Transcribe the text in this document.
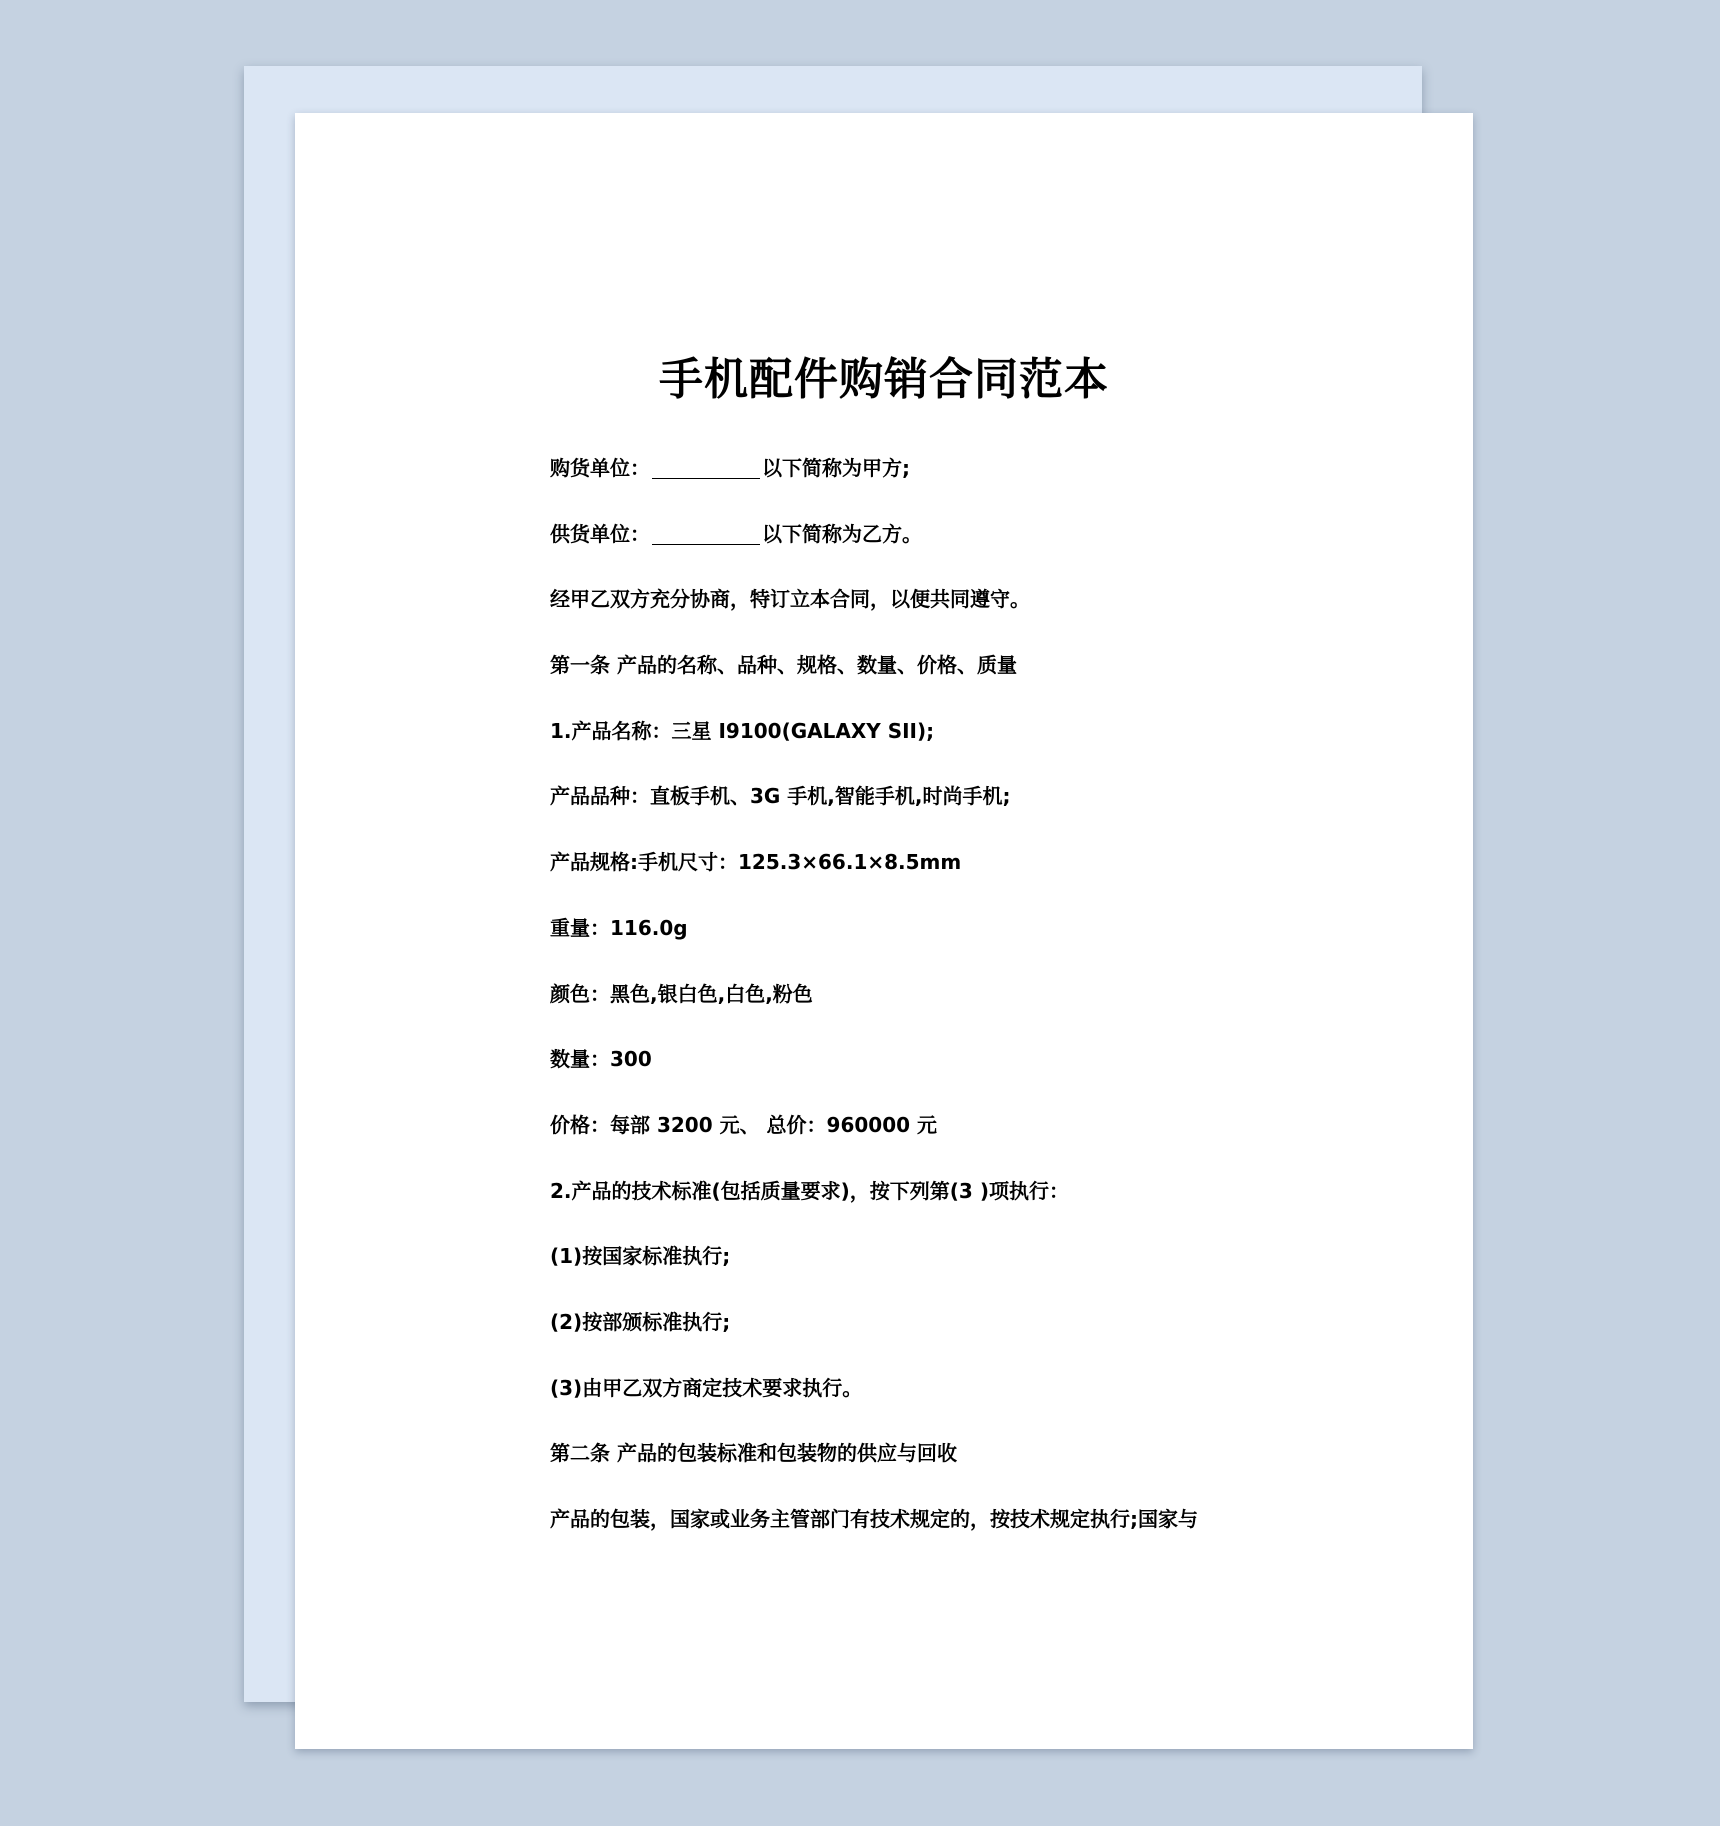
手机配件购销合同范本
购货单位：	以下简称为甲方;
供货单位：	以下简称为乙方。
经甲乙双方充分协商，特订立本合同，以便共同遵守。
第一条 产品的名称、品种、规格、数量、价格、质量
1.产品名称：三星 I9100(GALAXY SII);
产品品种：直板手机、3G 手机,智能手机,时尚手机;
产品规格:手机尺寸：125.3×66.1×8.5mm
重量：116.0g
颜色：黑色,银白色,白色,粉色
数量：300
价格：每部 3200 元、 总价：960000 元
2.产品的技术标准(包括质量要求)，按下列第(3 )项执行：
(1)按国家标准执行;
(2)按部颁标准执行;
(3)由甲乙双方商定技术要求执行。
第二条 产品的包装标准和包装物的供应与回收
产品的包装，国家或业务主管部门有技术规定的，按技术规定执行;国家与
